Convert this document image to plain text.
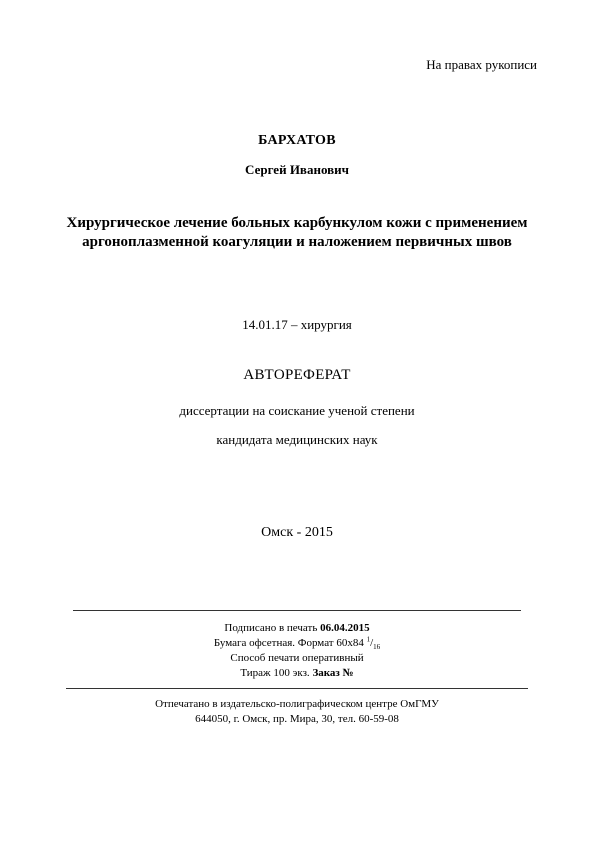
На правах рукописи
БАРХАТОВ
Сергей Иванович
Хирургическое лечение больных карбункулом кожи с применением аргоноплазменной коагуляции и наложением первичных швов
14.01.17 – хирургия
АВТОРЕФЕРАТ
диссертации на соискание ученой степени
кандидата медицинских наук
Омск - 2015
Подписано в печать 06.04.2015
Бумага офсетная. Формат 60x84 $^1/_{16}$
Способ печати оперативный
Тираж 100 экз. Заказ №
Отпечатано в издательско-полиграфическом центре ОмГМУ
644050, г. Омск, пр. Мира, 30, тел. 60-59-08
